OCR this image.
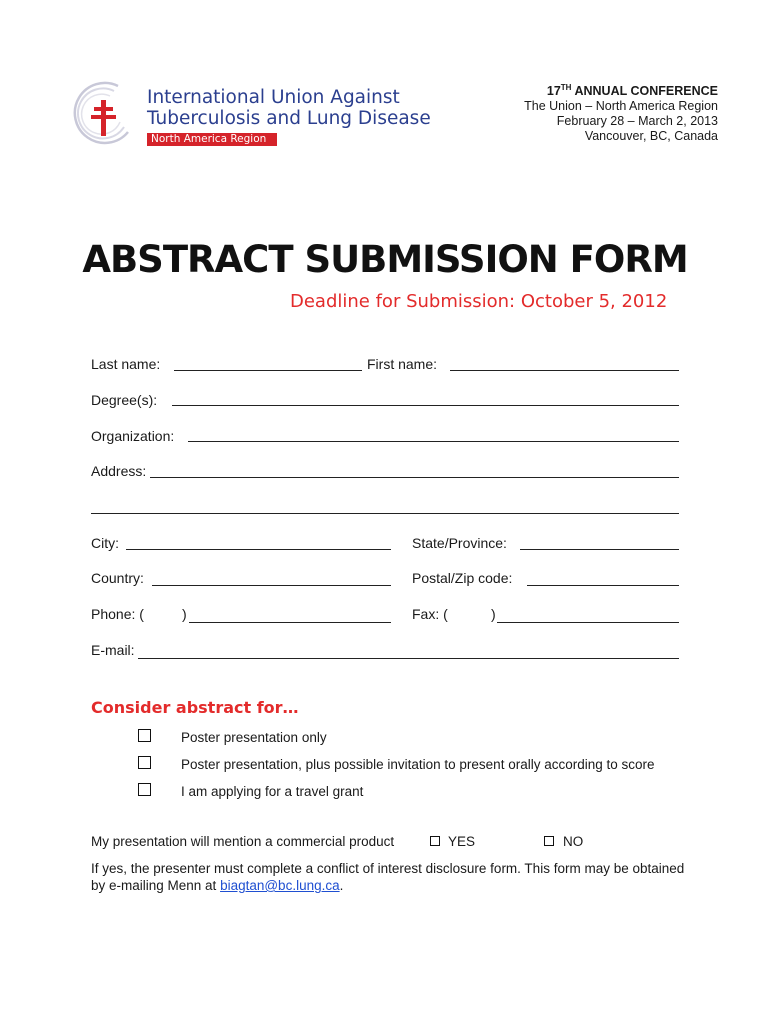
International Union Against
Tuberculosis and Lung Disease
North America Region
17TH ANNUAL CONFERENCE
The Union – North America Region
February 28 – March 2, 2013
Vancouver, BC, Canada
ABSTRACT SUBMISSION FORM
Deadline for Submission: October 5, 2012
Last name:	First name:
Degree(s):
Organization:
Address:
City:	State/Province:
Country:	Postal/Zip code:
Phone: (	)	Fax: (	)
E-mail:
Consider abstract for…
Poster presentation only
Poster presentation, plus possible invitation to present orally according to score
I am applying for a travel grant
My presentation will mention a commercial product	YES	NO
If yes, the presenter must complete a conflict of interest disclosure form. This form may be obtained by e-mailing Menn at biagtan@bc.lung.ca.
